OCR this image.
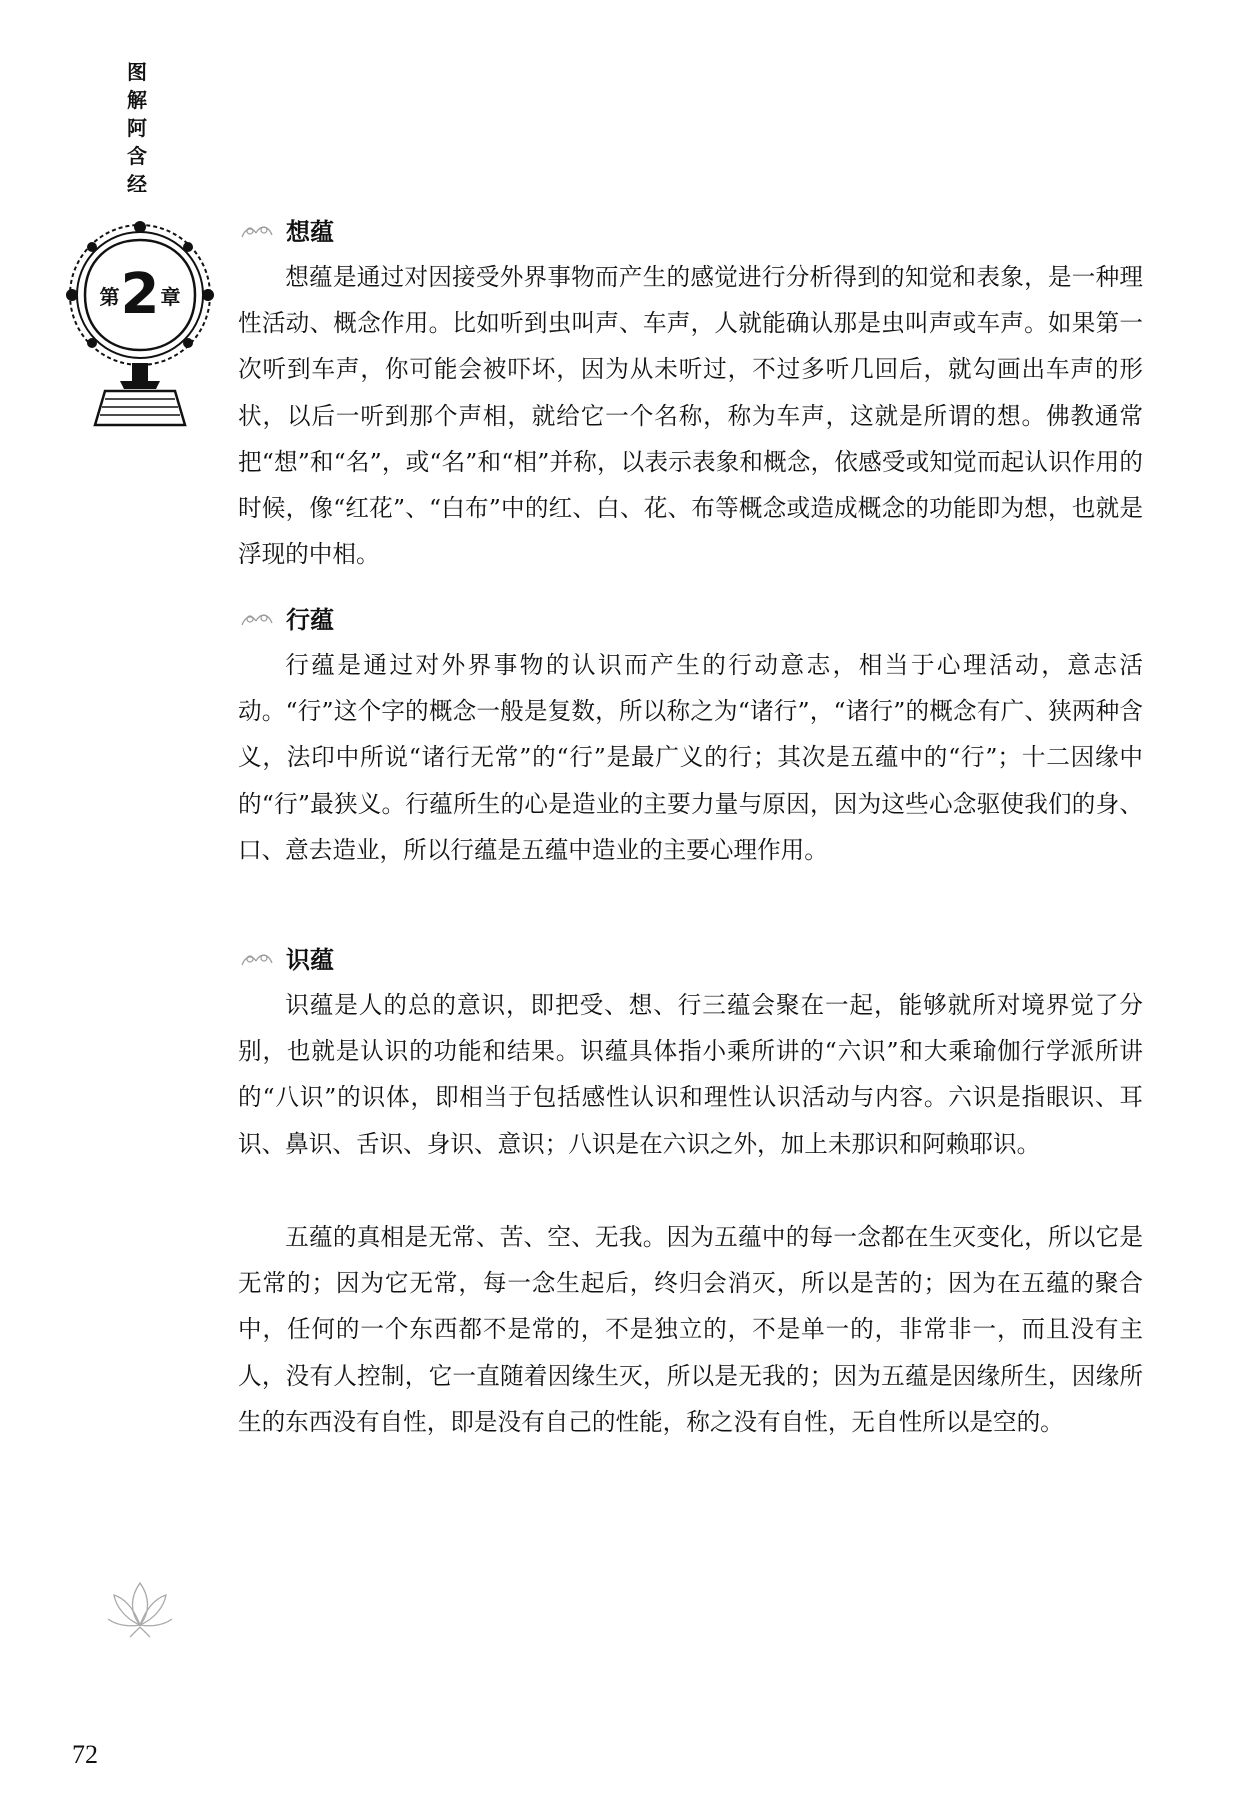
图
解
阿
含
经
第 2 章
想蕴

想蕴是通过对因接受外界事物而产生的感觉进行分析得到的知觉和表象，是一种理性活动、概念作用。比如听到虫叫声、车声，人就能确认那是虫叫声或车声。如果第一次听到车声，你可能会被吓坏，因为从未听过，不过多听几回后，就勾画出车声的形状，以后一听到那个声相，就给它一个名称，称为车声，这就是所谓的想。佛教通常把“想”和“名”，或“名”和“相”并称，以表示表象和概念，依感受或知觉而起认识作用的时候，像“红花”、“白布”中的红、白、花、布等概念或造成概念的功能即为想，也就是浮现的中相。

行蕴

行蕴是通过对外界事物的认识而产生的行动意志，相当于心理活动，意志活动。“行”这个字的概念一般是复数，所以称之为“诸行”，“诸行”的概念有广、狭两种含义，法印中所说“诸行无常”的“行”是最广义的行；其次是五蕴中的“行”；十二因缘中的“行”最狭义。行蕴所生的心是造业的主要力量与原因，因为这些心念驱使我们的身、口、意去造业，所以行蕴是五蕴中造业的主要心理作用。

识蕴

识蕴是人的总的意识，即把受、想、行三蕴会聚在一起，能够就所对境界觉了分别，也就是认识的功能和结果。识蕴具体指小乘所讲的“六识”和大乘瑜伽行学派所讲的“八识”的识体，即相当于包括感性认识和理性认识活动与内容。六识是指眼识、耳识、鼻识、舌识、身识、意识；八识是在六识之外，加上未那识和阿赖耶识。

五蕴的真相是无常、苦、空、无我。因为五蕴中的每一念都在生灭变化，所以它是无常的；因为它无常，每一念生起后，终归会消灭，所以是苦的；因为在五蕴的聚合中，任何的一个东西都不是常的，不是独立的，不是单一的，非常非一，而且没有主人，没有人控制，它一直随着因缘生灭，所以是无我的；因为五蕴是因缘所生，因缘所生的东西没有自性，即是没有自己的性能，称之没有自性，无自性所以是空的。

72
